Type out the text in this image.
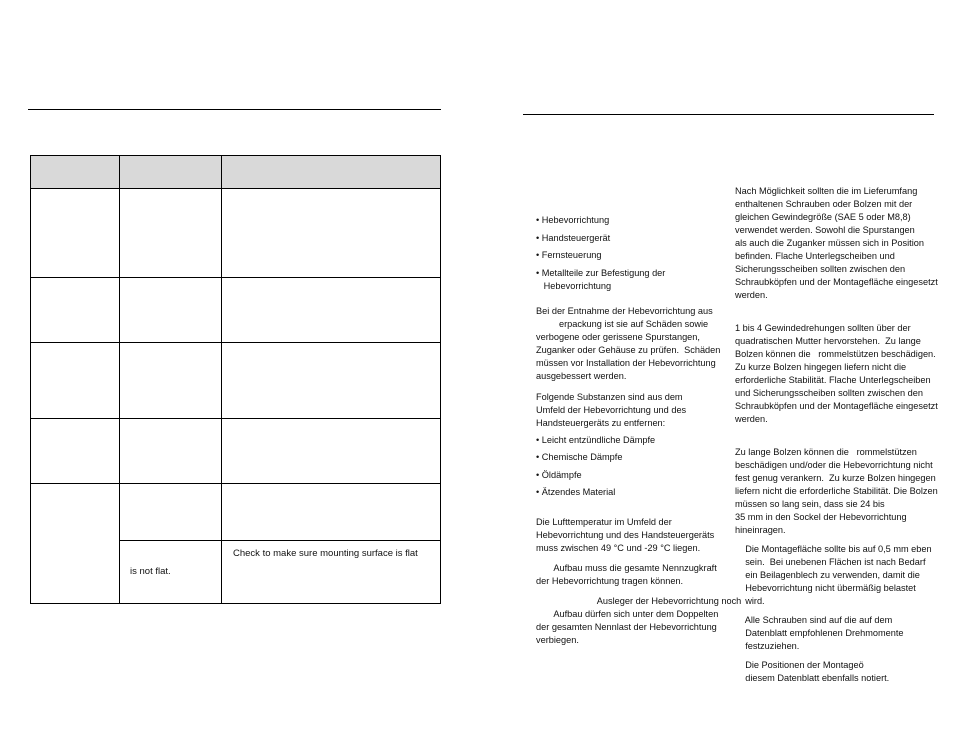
is not flat.
Check to make sure mounting surface is flat

• Hebevorrichtung

• Handsteuergerät

• Fernsteuerung

• Metallteile zur Befestigung der

Hebevorrichtung

Bei der Entnahme der Hebevorrichtung aus

erpackung ist sie auf Schäden sowie

verbogene oder gerissene Spurstangen,

Zuganker oder Gehäuse zu prüfen.  Schäden

müssen vor Installation der Hebevorrichtung

ausgebessert werden.

Folgende Substanzen sind aus dem

Umfeld der Hebevorrichtung und des

Handsteuergeräts zu entfernen:

• Leicht entzündliche Dämpfe

• Chemische Dämpfe

• Öldämpfe

• Ätzendes Material

Die Lufttemperatur im Umfeld der

Hebevorrichtung und des Handsteuergeräts

muss zwischen 49 °C und -29 °C liegen.

Aufbau muss die gesamte Nennzugkraft

der Hebevorrichtung tragen können.

Ausleger der Hebevorrichtung noch

Aufbau dürfen sich unter dem Doppelten

der gesamten Nennlast der Hebevorrichtung

verbiegen.

Nach Möglichkeit sollten die im Lieferumfang

enthaltenen Schrauben oder Bolzen mit der

gleichen Gewindegröße (SAE 5 oder M8,8)

verwendet werden. Sowohl die Spurstangen

als auch die Zuganker müssen sich in Position

befinden. Flache Unterlegscheiben und

Sicherungsscheiben sollten zwischen den

Schraubköpfen und der Montagefläche eingesetzt

werden.

1 bis 4 Gewindedrehungen sollten über der

quadratischen Mutter hervorstehen.  Zu lange

Bolzen können die   rommelstützen beschädigen.

Zu kurze Bolzen hingegen liefern nicht die

erforderliche Stabilität. Flache Unterlegscheiben

und Sicherungsscheiben sollten zwischen den

Schraubköpfen und der Montagefläche eingesetzt

werden.

Zu lange Bolzen können die   rommelstützen

beschädigen und/oder die Hebevorrichtung nicht

fest genug verankern.  Zu kurze Bolzen hingegen

liefern nicht die erforderliche Stabilität. Die Bolzen

müssen so lang sein, dass sie 24 bis

35 mm in den Sockel der Hebevorrichtung

hineinragen.

Die Montagefläche sollte bis auf 0,5 mm eben

sein.  Bei unebenen Flächen ist nach Bedarf

ein Beilagenblech zu verwenden, damit die

Hebevorrichtung nicht übermäßig belastet

wird.

Alle Schrauben sind auf die auf dem

Datenblatt empfohlenen Drehmomente

festzuziehen.

Die Positionen der Montageö

diesem Datenblatt ebenfalls notiert.
